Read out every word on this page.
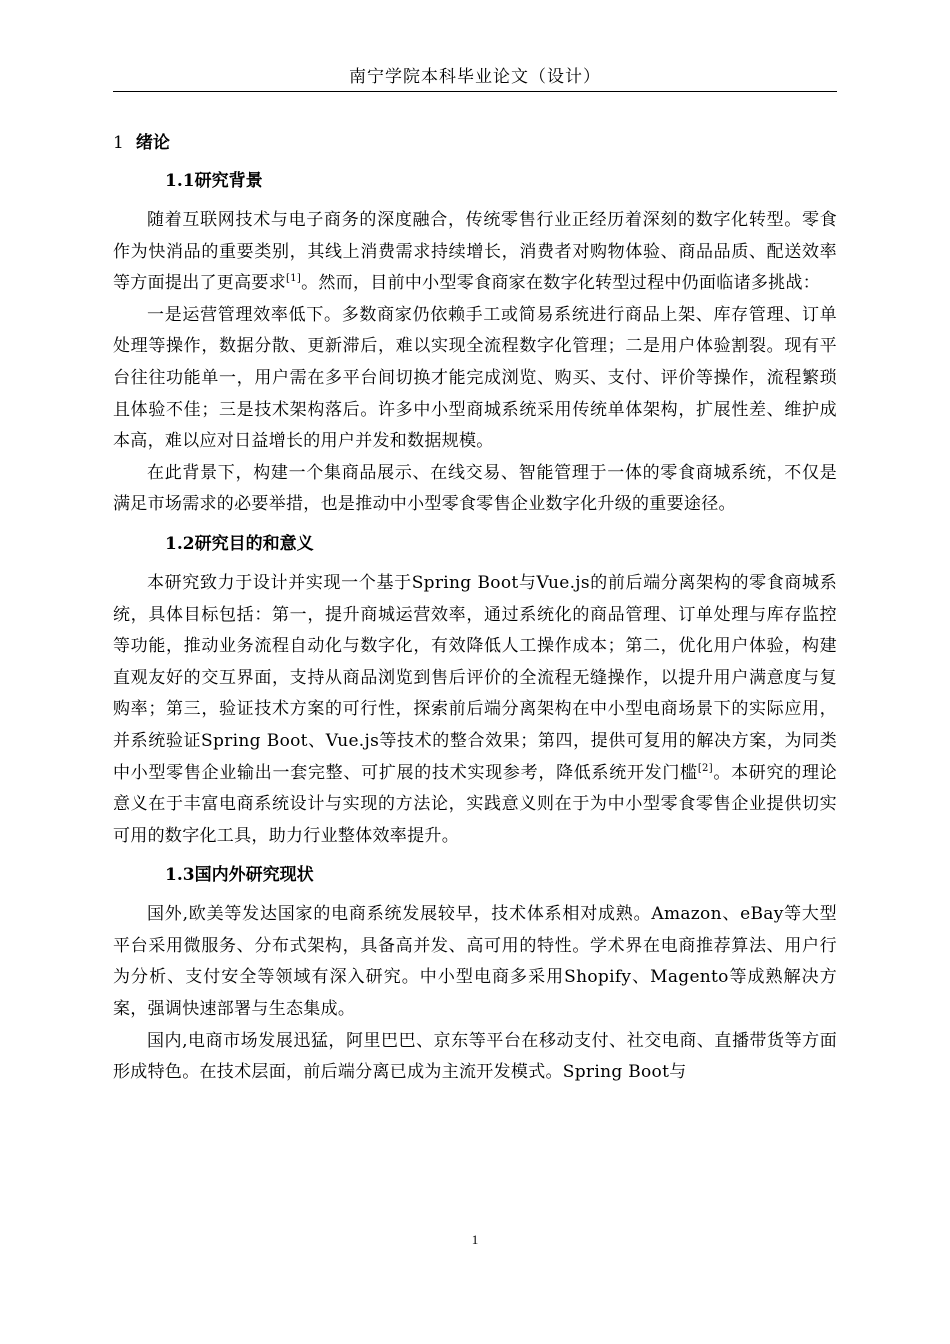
南宁学院本科毕业论文（设计）
1 绪论
1.1研究背景

随着互联网技术与电子商务的深度融合，传统零售行业正经历着深刻的数字化转型。零食作为快消品的重要类别，其线上消费需求持续增长，消费者对购物体验、商品品质、配送效率等方面提出了更高要求[1]。然而，目前中小型零食商家在数字化转型过程中仍面临诸多挑战：

一是运营管理效率低下。多数商家仍依赖手工或简易系统进行商品上架、库存管理、订单处理等操作，数据分散、更新滞后，难以实现全流程数字化管理；二是用户体验割裂。现有平台往往功能单一，用户需在多平台间切换才能完成浏览、购买、支付、评价等操作，流程繁琐且体验不佳；三是技术架构落后。许多中小型商城系统采用传统单体架构，扩展性差、维护成本高，难以应对日益增长的用户并发和数据规模。

在此背景下，构建一个集商品展示、在线交易、智能管理于一体的零食商城系统，不仅是满足市场需求的必要举措，也是推动中小型零食零售企业数字化升级的重要途径。

1.2研究目的和意义

本研究致力于设计并实现一个基于Spring Boot与Vue.js的前后端分离架构的零食商城系统，具体目标包括：第一，提升商城运营效率，通过系统化的商品管理、订单处理与库存监控等功能，推动业务流程自动化与数字化，有效降低人工操作成本；第二，优化用户体验，构建直观友好的交互界面，支持从商品浏览到售后评价的全流程无缝操作，以提升用户满意度与复购率；第三，验证技术方案的可行性，探索前后端分离架构在中小型电商场景下的实际应用，并系统验证Spring Boot、Vue.js等技术的整合效果；第四，提供可复用的解决方案，为同类中小型零售企业输出一套完整、可扩展的技术实现参考，降低系统开发门槛[2]。本研究的理论意义在于丰富电商系统设计与实现的方法论，实践意义则在于为中小型零食零售企业提供切实可用的数字化工具，助力行业整体效率提升。

1.3国内外研究现状

国外,欧美等发达国家的电商系统发展较早，技术体系相对成熟。Amazon、eBay等大型平台采用微服务、分布式架构，具备高并发、高可用的特性。学术界在电商推荐算法、用户行为分析、支付安全等领域有深入研究。中小型电商多采用Shopify、Magento等成熟解决方案，强调快速部署与生态集成。

国内,电商市场发展迅猛，阿里巴巴、京东等平台在移动支付、社交电商、直播带货等方面形成特色。在技术层面，前后端分离已成为主流开发模式。Spring Boot与

1
